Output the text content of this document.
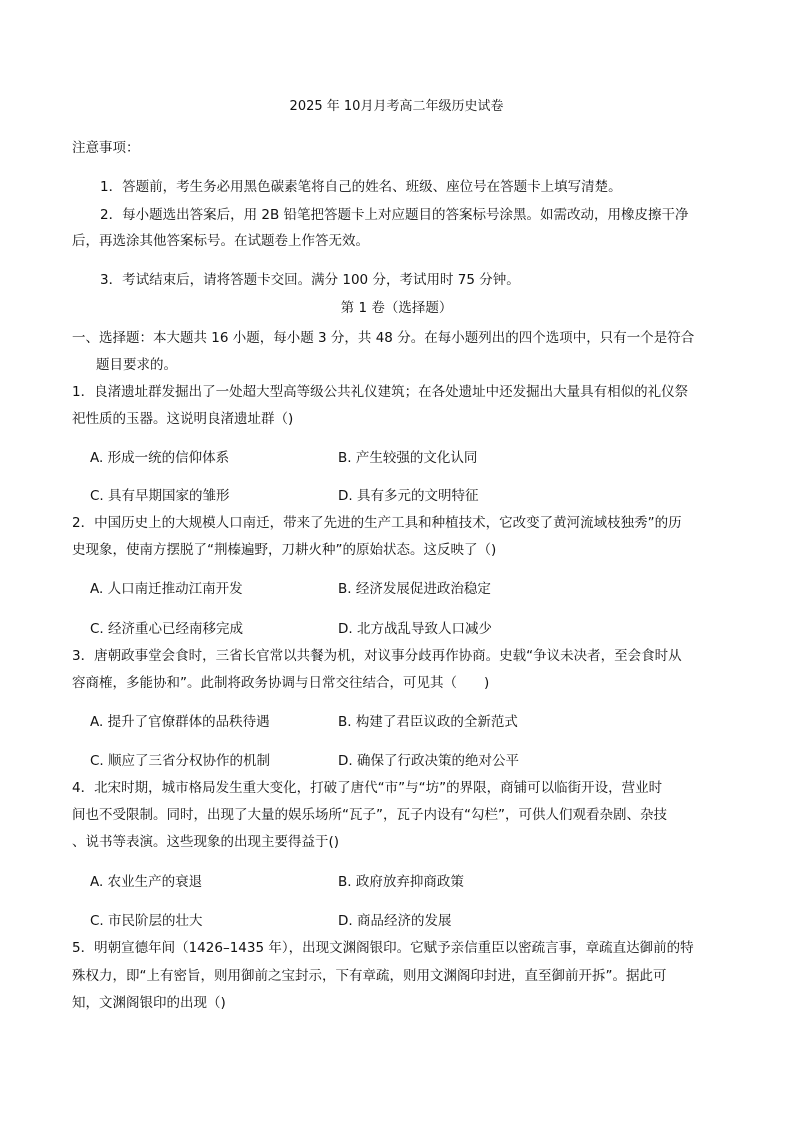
2025 年 10月月考高二年级历史试卷
注意事项：
1．答题前，考生务必用黑色碳素笔将自己的姓名、班级、座位号在答题卡上填写清楚。
2．每小题选出答案后，用 2B 铅笔把答题卡上对应题目的答案标号涂黑。如需改动，用橡皮擦干净
后，再选涂其他答案标号。在试题卷上作答无效。
3．考试结束后，请将答题卡交回。满分 100 分，考试用时 75 分钟。
第 1 卷（选择题）
一、选择题：本大题共 16 小题，每小题 3 分，共 48 分。在每小题列出的四个选项中，只有一个是符合
题目要求的。
1．良渚遗址群发掘出了一处超大型高等级公共礼仪建筑；在各处遗址中还发掘出大量具有相似的礼仪祭
祀性质的玉器。这说明良渚遗址群（)
A. 形成一统的信仰体系	B. 产生较强的文化认同
C. 具有早期国家的雏形	D. 具有多元的文明特征
2．中国历史上的大规模人口南迁，带来了先进的生产工具和种植技术，它改变了黄河流域枝独秀”的历
史现象，使南方摆脱了“荆榛遍野，刀耕火种”的原始状态。这反映了（)
A. 人口南迁推动江南开发	B. 经济发展促进政治稳定
C. 经济重心已经南移完成	D. 北方战乱导致人口减少
3．唐朝政事堂会食时，三省长官常以共餐为机，对议事分歧再作协商。史载“争议未决者，至会食时从
容商榷，多能协和”。此制将政务协调与日常交往结合，可见其（　　)
A. 提升了官僚群体的品秩待遇	B. 构建了君臣议政的全新范式
C. 顺应了三省分权协作的机制	D. 确保了行政决策的绝对公平
4．北宋时期，城市格局发生重大变化，打破了唐代“市”与“坊”的界限，商铺可以临街开设，营业时
间也不受限制。同时，出现了大量的娱乐场所“瓦子”，瓦子内设有“勾栏”，可供人们观看杂剧、杂技
、说书等表演。这些现象的出现主要得益于()
A. 农业生产的衰退	B. 政府放弃抑商政策
C. 市民阶层的壮大	D. 商品经济的发展
5．明朝宣德年间（1426–1435 年），出现文渊阁银印。它赋予亲信重臣以密疏言事，章疏直达御前的特
殊权力，即“上有密旨，则用御前之宝封示，下有章疏，则用文渊阁印封进，直至御前开拆”。据此可
知，文渊阁银印的出现（)
